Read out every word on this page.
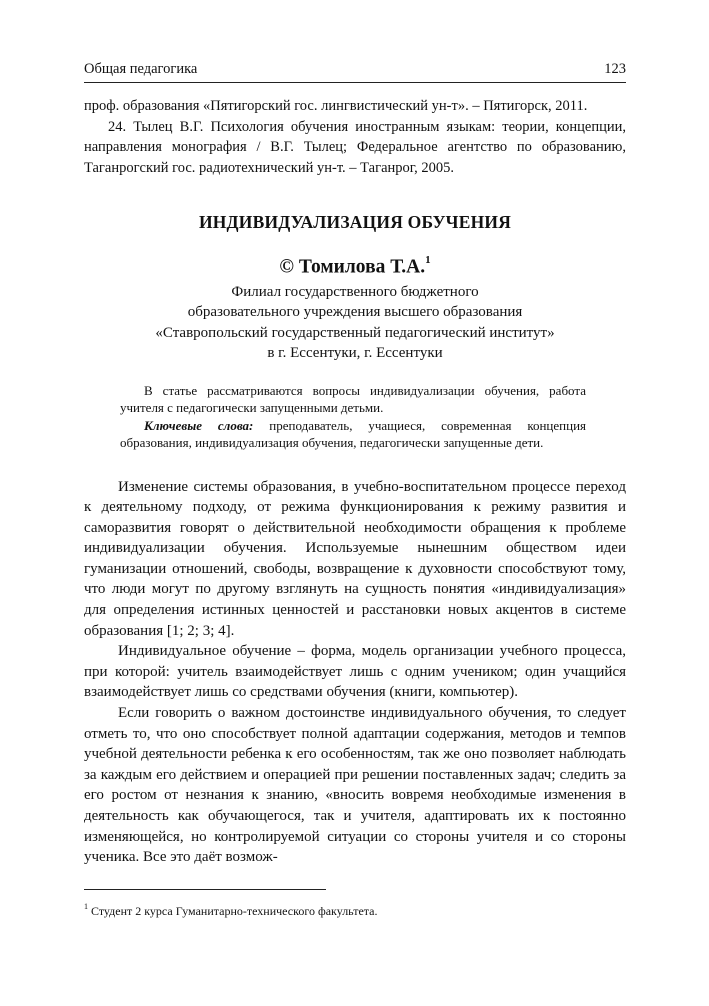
Общая педагогика	123

проф. образования «Пятигорский гос. лингвистический ун-т». – Пятигорск, 2011.

24. Тылец В.Г. Психология обучения иностранным языкам: теории, концепции, направления монография / В.Г. Тылец; Федеральное агентство по образованию, Таганрогский гос. радиотехнический ун-т. – Таганрог, 2005.

ИНДИВИДУАЛИЗАЦИЯ ОБУЧЕНИЯ
© Томилова Т.А.$^1$
Филиал государственного бюджетного
образовательного учреждения высшего образования
«Ставропольский государственный педагогический институт»
в г. Ессентуки, г. Ессентуки

В статье рассматриваются вопросы индивидуализации обучения, работа учителя с педагогически запущенными детьми.

Ключевые слова: преподаватель, учащиеся, современная концепция образования, индивидуализация обучения, педагогически запущенные дети.

Изменение системы образования, в учебно-воспитательном процессе переход к деятельному подходу, от режима функционирования к режиму развития и саморазвития говорят о действительной необходимости обращения к проблеме индивидуализации обучения. Используемые нынешним обществом идеи гуманизации отношений, свободы, возвращение к духовности способствуют тому, что люди могут по другому взглянуть на сущность понятия «индивидуализация» для определения истинных ценностей и расстановки новых акцентов в системе образования [1; 2; 3; 4].

Индивидуальное обучение – форма, модель организации учебного процесса, при которой: учитель взаимодействует лишь с одним учеником; один учащийся взаимодействует лишь со средствами обучения (книги, компьютер).

Если говорить о важном достоинстве индивидуального обучения, то следует отметь то, что оно способствует полной адаптации содержания, методов и темпов учебной деятельности ребенка к его особенностям, так же оно позволяет наблюдать за каждым его действием и операцией при решении поставленных задач; следить за его ростом от незнания к знанию, «вносить вовремя необходимые изменения в деятельность как обучающегося, так и учителя, адаптировать их к постоянно изменяющейся, но контролируемой ситуации со стороны учителя и со стороны ученика. Все это даёт возмож-

$^1$ Студент 2 курса Гуманитарно-технического факультета.
